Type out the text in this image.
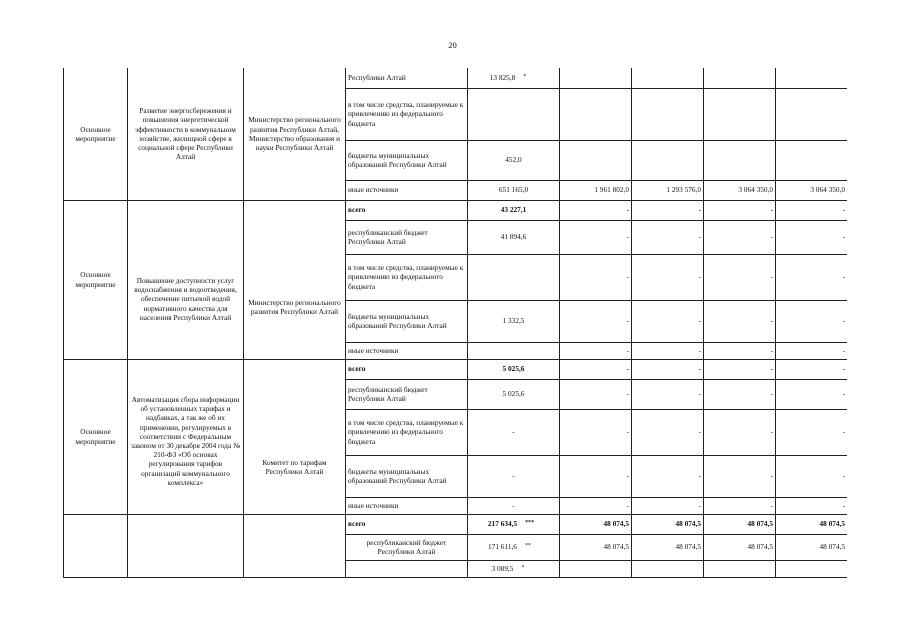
20
Основное мероприятие	Развитие энергосбережения и повышения энергетической эффективности в коммунальном хозяйстве, жилищной сфере в социальной сфере Республики Алтай	Министерство регионального развития Республики Алтай, Министерство образования и науки Республики Алтай	Республики Алтай	13 825,8 *				
			в том числе средства, планируемые к привлечению из федерального бюджета					
			бюджеты муниципальных образований Республики Алтай	452,0				
			иные источники	651 165,0	1 961 802,0	1 293 576,0	3 064 350,0	3 064 350,0
Основное мероприятие	Повышение доступности услуг водоснабжения и водоотведения, обеспечение питьевой водой нормативного качества для населения Республики Алтай	Министерство регионального развития Республики Алтай	всего	43 227,1	-	-	-	-
			республиканский бюджет Республики Алтай	41 894,6	-	-	-	-
			в том числе средства, планируемые к привлечению из федерального бюджета		-	-	-	-
			бюджеты муниципальных образований Республики Алтай	1 332,5	-	-	-	-
			иные источники		-	-	-	-
Основное мероприятие	Автоматизация сбора информации об установленных тарифах и надбавках, а так же об их применении, регулируемых в соответствии с Федеральным законом от 30 декабря 2004 года № 210-ФЗ «Об основах регулирования тарифов организаций коммунального комплекса»	Комитет по тарифам Республики Алтай	всего	5 025,6	-	-	-	-
			республиканский бюджет Республики Алтай	5 025,6	-	-	-	-
			в том числе средства, планируемые к привлечению из федерального бюджета	-	-	-	-	-
			бюджеты муниципальных образований Республики Алтай	-	-	-	-	-
			иные источники	-	-	-	-	-
			всего	217 634,5 ***	48 074,5	48 074,5	48 074,5	48 074,5
			республиканский бюджет Республики Алтай	171 611,6 **	48 074,5	48 074,5	48 074,5	48 074,5
				3 089,5 *				
